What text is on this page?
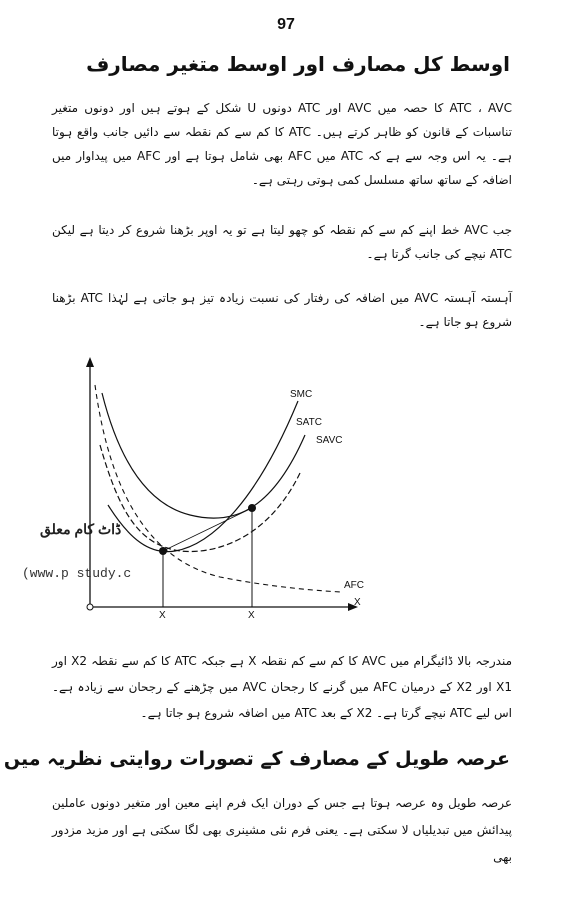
97
اوسط کل مصارف اور اوسط متغیر مصارف
ATC ، AVC کا حصہ میں AVC اور ATC دونوں U شکل کے ہوتے ہیں اور دونوں متغیر تناسبات کے قانون کو ظاہر کرتے ہیں۔ ATC کا کم سے کم نقطہ سے دائیں جانب واقع ہوتا ہے۔ یہ اس وجہ سے ہے کہ ATC میں AFC بھی شامل ہوتا ہے اور AFC میں پیداوار میں اضافہ کے ساتھ ساتھ مسلسل کمی ہوتی رہتی ہے۔
جب AVC خط اپنے کم سے کم نقطہ کو چھو لیتا ہے تو یہ اوپر بڑھنا شروع کر دیتا ہے لیکن ATC نیچے کی جانب گرتا ہے۔
آہستہ آہستہ AVC میں اضافہ کی رفتار کی نسبت زیادہ تیز ہو جاتی ہے لہٰذا ATC بڑھنا شروع ہو جاتا ہے۔
SMC
SATC
SAVC
AFC
X
X	X
ڈاٹ کام معلق
(www.p study.c
مندرجہ بالا ڈائیگرام میں AVC کا کم سے کم نقطہ X ہے جبکہ ATC کا کم سے نقطہ X2 اور X1 اور X2 کے درمیان AFC میں گرنے کا رجحان AVC میں چڑھنے کے رجحان سے زیادہ ہے۔ اس لیے ATC نیچے گرتا ہے۔ X2 کے بعد ATC میں اضافہ شروع ہو جاتا ہے۔
عرصہ طویل کے مصارف کے تصورات روایتی نظریہ میں
عرصہ طویل وہ عرصہ ہوتا ہے جس کے دوران ایک فرم اپنے معین اور متغیر دونوں عاملین پیدائش میں تبدیلیاں لا سکتی ہے۔ یعنی فرم نئی مشینری بھی لگا سکتی ہے اور مزید مزدور بھی
